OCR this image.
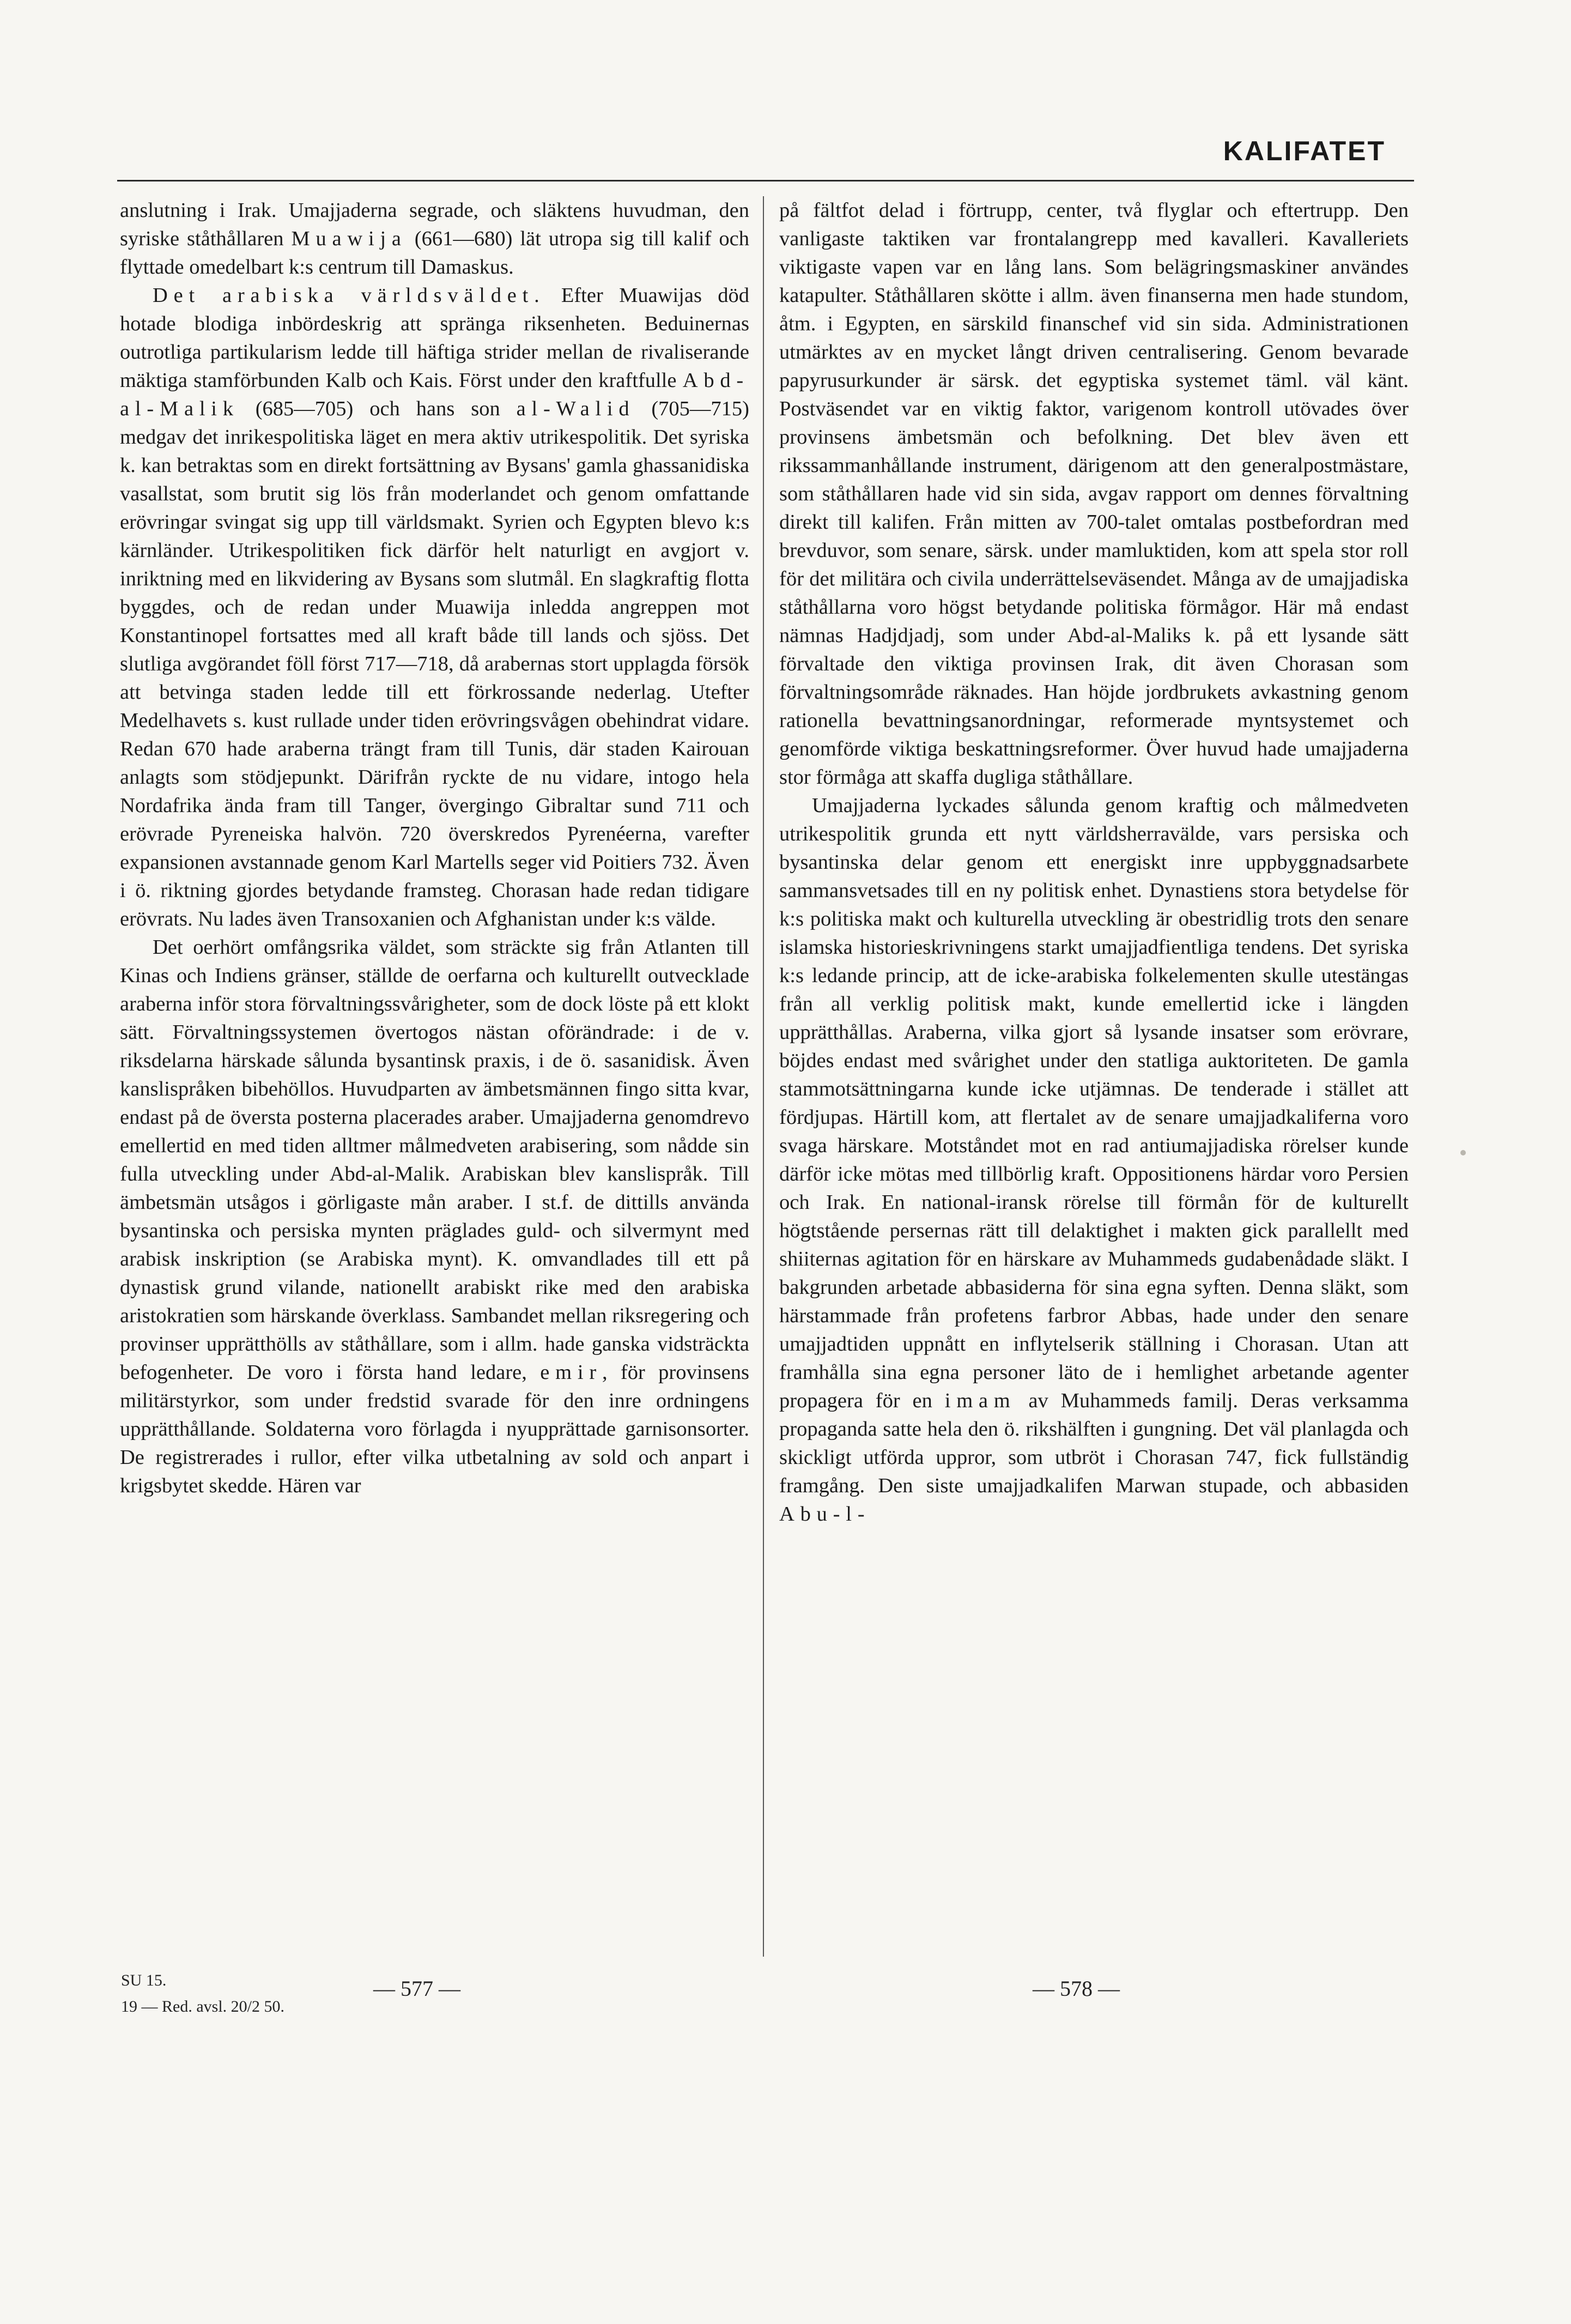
KALIFATET

anslutning i Irak. Umajjaderna segrade, och släktens huvudman, den syriske ståthållaren Muawija (661—680) lät utropa sig till kalif och flyttade omedelbart k:s centrum till Damaskus.

Det arabiska världsväldet. Efter Muawijas död hotade blodiga inbördeskrig att spränga riksenheten. Beduinernas outrotliga partikularism ledde till häftiga strider mellan de rivaliserande mäktiga stamförbunden Kalb och Kais. Först under den kraftfulle Abd-al-Malik (685—705) och hans son al-Walid (705—715) medgav det inrikespolitiska läget en mera aktiv utrikespolitik. Det syriska k. kan betraktas som en direkt fortsättning av Bysans' gamla ghassanidiska vasallstat, som brutit sig lös från moderlandet och genom omfattande erövringar svingat sig upp till världsmakt. Syrien och Egypten blevo k:s kärnländer. Utrikespolitiken fick därför helt naturligt en avgjort v. inriktning med en likvidering av Bysans som slutmål. En slagkraftig flotta byggdes, och de redan under Muawija inledda angreppen mot Konstantinopel fortsattes med all kraft både till lands och sjöss. Det slutliga avgörandet föll först 717—718, då arabernas stort upplagda försök att betvinga staden ledde till ett förkrossande nederlag. Utefter Medelhavets s. kust rullade under tiden erövringsvågen obehindrat vidare. Redan 670 hade araberna trängt fram till Tunis, där staden Kairouan anlagts som stödjepunkt. Därifrån ryckte de nu vidare, intogo hela Nordafrika ända fram till Tanger, övergingo Gibraltar sund 711 och erövrade Pyreneiska halvön. 720 överskredos Pyrenéerna, varefter expansionen avstannade genom Karl Martells seger vid Poitiers 732. Även i ö. riktning gjordes betydande framsteg. Chorasan hade redan tidigare erövrats. Nu lades även Transoxanien och Afghanistan under k:s välde.

Det oerhört omfångsrika väldet, som sträckte sig från Atlanten till Kinas och Indiens gränser, ställde de oerfarna och kulturellt outvecklade araberna inför stora förvaltningssvårigheter, som de dock löste på ett klokt sätt. Förvaltningssystemen övertogos nästan oförändrade: i de v. riksdelarna härskade sålunda bysantinsk praxis, i de ö. sasanidisk. Även kanslispråken bibehöllos. Huvudparten av ämbetsmännen fingo sitta kvar, endast på de översta posterna placerades araber. Umajjaderna genomdrevo emellertid en med tiden alltmer målmedveten arabisering, som nådde sin fulla utveckling under Abd-al-Malik. Arabiskan blev kanslispråk. Till ämbetsmän utsågos i görligaste mån araber. I st.f. de dittills använda bysantinska och persiska mynten präglades guld- och silvermynt med arabisk inskription (se Arabiska mynt). K. omvandlades till ett på dynastisk grund vilande, nationellt arabiskt rike med den arabiska aristokratien som härskande överklass. Sambandet mellan riksregering och provinser upprätthölls av ståthållare, som i allm. hade ganska vidsträckta befogenheter. De voro i första hand ledare, emir, för provinsens militärstyrkor, som under fredstid svarade för den inre ordningens upprätthållande. Soldaterna voro förlagda i nyupprättade garnisonsorter. De registrerades i rullor, efter vilka utbetalning av sold och anpart i krigsbytet skedde. Hären var

på fältfot delad i förtrupp, center, två flyglar och eftertrupp. Den vanligaste taktiken var frontalangrepp med kavalleri. Kavalleriets viktigaste vapen var en lång lans. Som belägringsmaskiner användes katapulter. Ståthållaren skötte i allm. även finanserna men hade stundom, åtm. i Egypten, en särskild finanschef vid sin sida. Administrationen utmärktes av en mycket långt driven centralisering. Genom bevarade papyrusurkunder är särsk. det egyptiska systemet täml. väl känt. Postväsendet var en viktig faktor, varigenom kontroll utövades över provinsens ämbetsmän och befolkning. Det blev även ett rikssammanhållande instrument, därigenom att den generalpostmästare, som ståthållaren hade vid sin sida, avgav rapport om dennes förvaltning direkt till kalifen. Från mitten av 700-talet omtalas postbefordran med brevduvor, som senare, särsk. under mamluktiden, kom att spela stor roll för det militära och civila underrättelseväsendet. Många av de umajjadiska ståthållarna voro högst betydande politiska förmågor. Här må endast nämnas Hadjdjadj, som under Abd-al-Maliks k. på ett lysande sätt förvaltade den viktiga provinsen Irak, dit även Chorasan som förvaltningsområde räknades. Han höjde jordbrukets avkastning genom rationella bevattningsanordningar, reformerade myntsystemet och genomförde viktiga beskattningsreformer. Över huvud hade umajjaderna stor förmåga att skaffa dugliga ståthållare.

Umajjaderna lyckades sålunda genom kraftig och målmedveten utrikespolitik grunda ett nytt världsherravälde, vars persiska och bysantinska delar genom ett energiskt inre uppbyggnadsarbete sammansvetsades till en ny politisk enhet. Dynastiens stora betydelse för k:s politiska makt och kulturella utveckling är obestridlig trots den senare islamska historieskrivningens starkt umajjadfientliga tendens. Det syriska k:s ledande princip, att de icke-arabiska folkelementen skulle utestängas från all verklig politisk makt, kunde emellertid icke i längden upprätthållas. Araberna, vilka gjort så lysande insatser som erövrare, böjdes endast med svårighet under den statliga auktoriteten. De gamla stammotsättningarna kunde icke utjämnas. De tenderade i stället att fördjupas. Härtill kom, att flertalet av de senare umajjadkaliferna voro svaga härskare. Motståndet mot en rad antiumajjadiska rörelser kunde därför icke mötas med tillbörlig kraft. Oppositionens härdar voro Persien och Irak. En national-iransk rörelse till förmån för de kulturellt högtstående persernas rätt till delaktighet i makten gick parallellt med shiiternas agitation för en härskare av Muhammeds gudabenådade släkt. I bakgrunden arbetade abbasiderna för sina egna syften. Denna släkt, som härstammade från profetens farbror Abbas, hade under den senare umajjadtiden uppnått en inflytelserik ställning i Chorasan. Utan att framhålla sina egna personer läto de i hemlighet arbetande agenter propagera för en imam av Muhammeds familj. Deras verksamma propaganda satte hela den ö. rikshälften i gungning. Det väl planlagda och skickligt utförda uppror, som utbröt i Chorasan 747, fick fullständig framgång. Den siste umajjadkalifen Marwan stupade, och abbasiden Abu-l-

SU 15.
19 — Red. avsl. 20/2 50.
— 577 —	— 578 —
